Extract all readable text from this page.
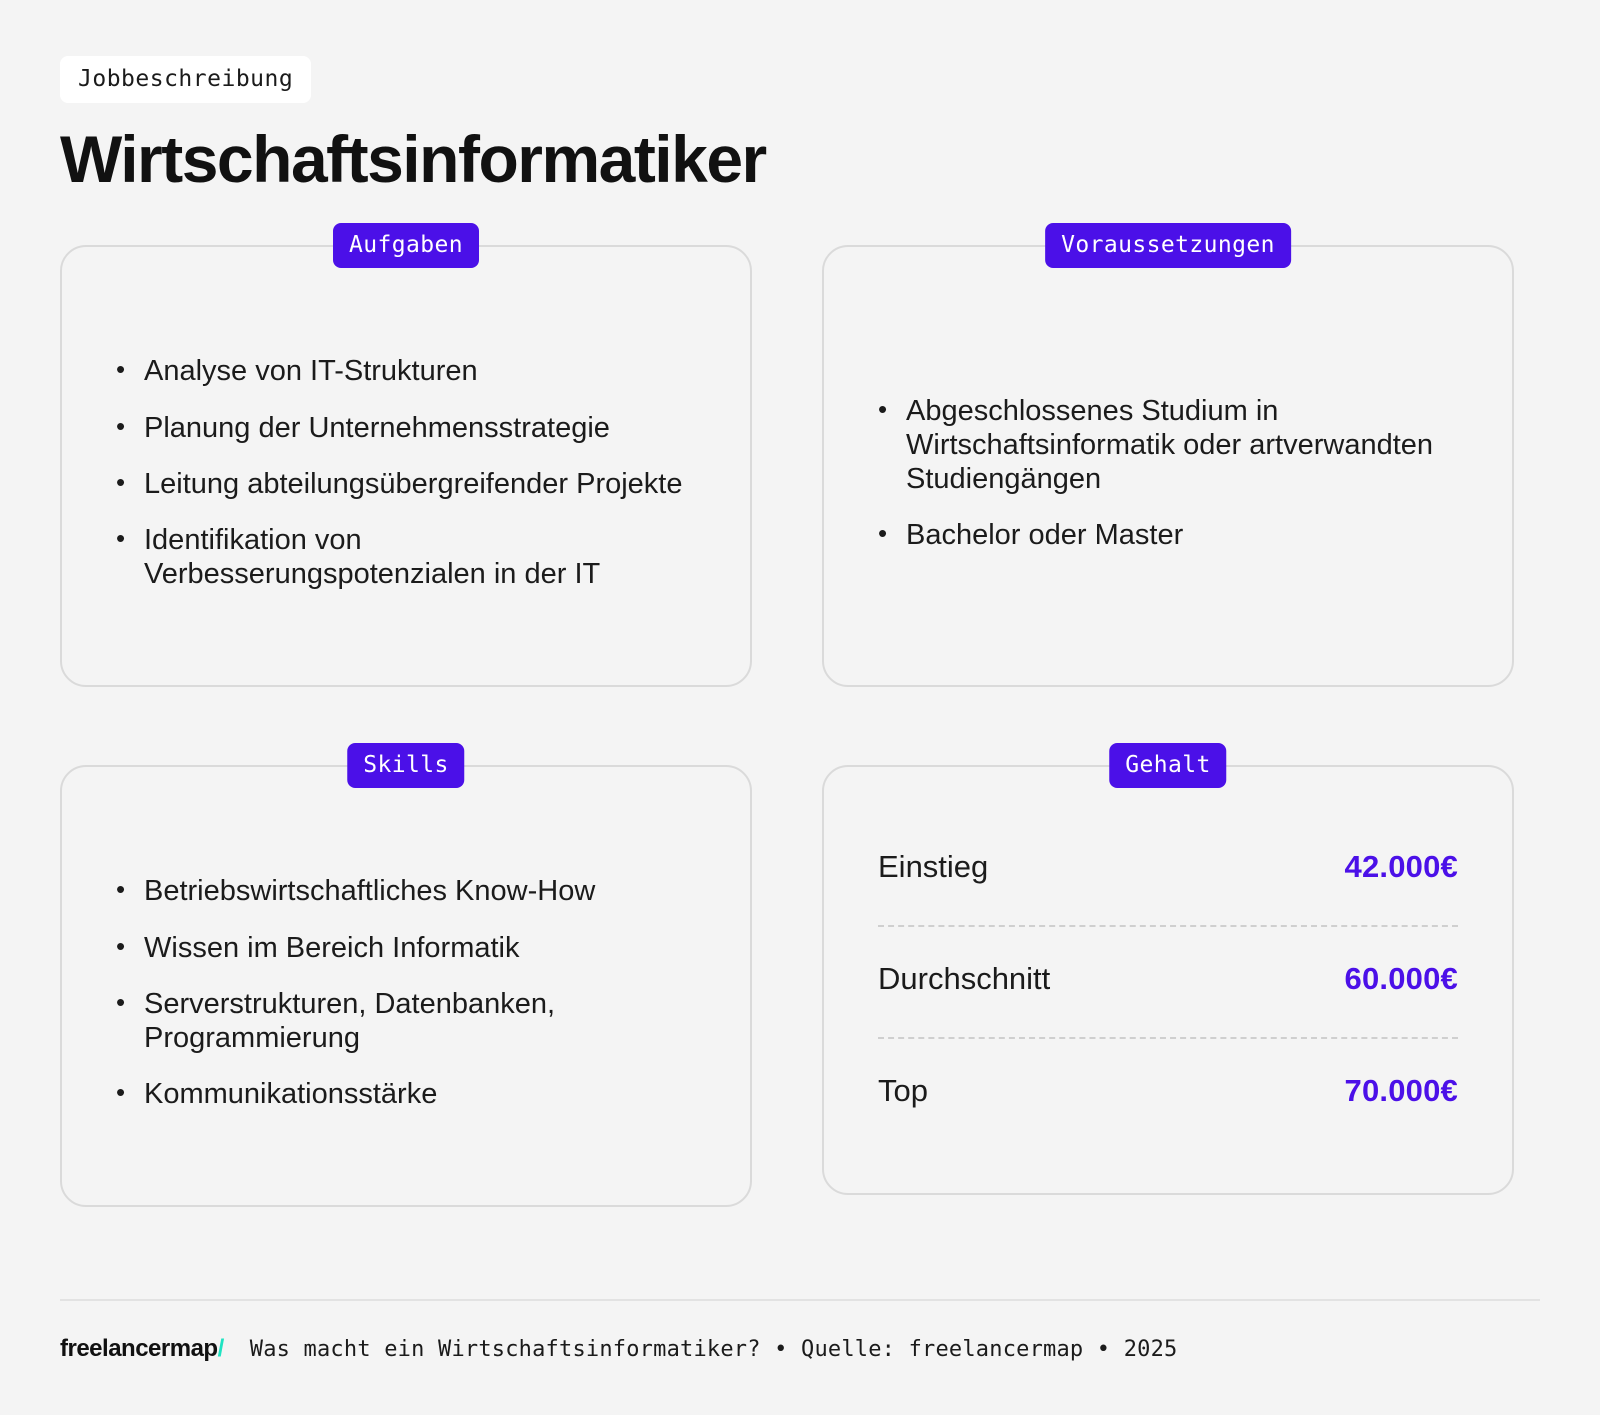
Jobbeschreibung
Wirtschaftsinformatiker
Aufgaben
• Analyse von IT-Strukturen
• Planung der Unternehmensstrategie
• Leitung abteilungsübergreifender Projekte
• Identifikation von Verbesserungspotenzialen in der IT
Voraussetzungen
• Abgeschlossenes Studium in Wirtschaftsinformatik oder artverwandten Studiengängen
• Bachelor oder Master
Skills
• Betriebswirtschaftliches Know-How
• Wissen im Bereich Informatik
• Serverstrukturen, Datenbanken, Programmierung
• Kommunikationsstärke
Gehalt
Einstieg	42.000€
Durchschnitt	60.000€
Top	70.000€
freelancermap/ Was macht ein Wirtschaftsinformatiker? • Quelle: freelancermap • 2025
